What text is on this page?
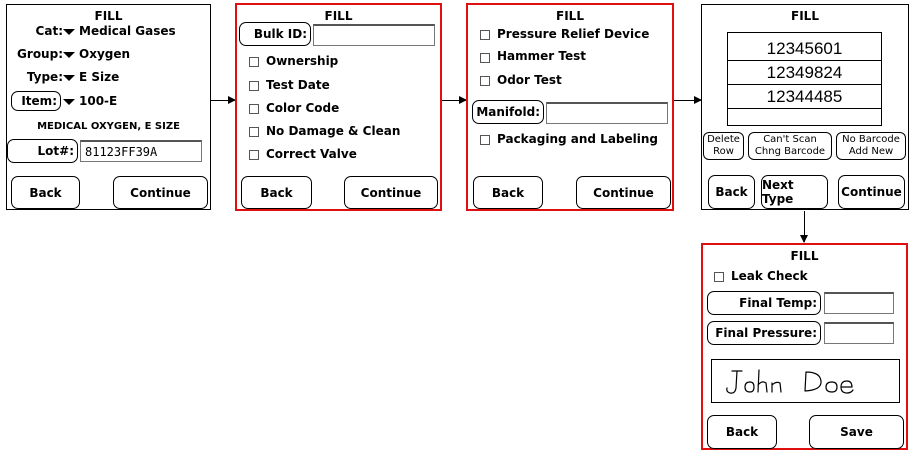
FILL
Cat:	Medical Gases
Group:	Oxygen
Type:	E Size
Item:	100-E
MEDICAL OXYGEN, E SIZE
Lot#: 81123FF39A
Back	Continue
FILL
Bulk ID:
Ownership
Test Date
Color Code
No Damage & Clean
Correct Valve
Back	Continue
FILL
Pressure Relief Device
Hammer Test
Odor Test
Manifold:
Packaging and Labeling
Back	Continue
FILL
12345601
12349824
12344485
Delete
Row
Can't Scan
Chng Barcode
No Barcode
Add New
Back	Next Type	Continue
FILL
Leak Check
Final Temp:
Final Pressure:
Back	Save
